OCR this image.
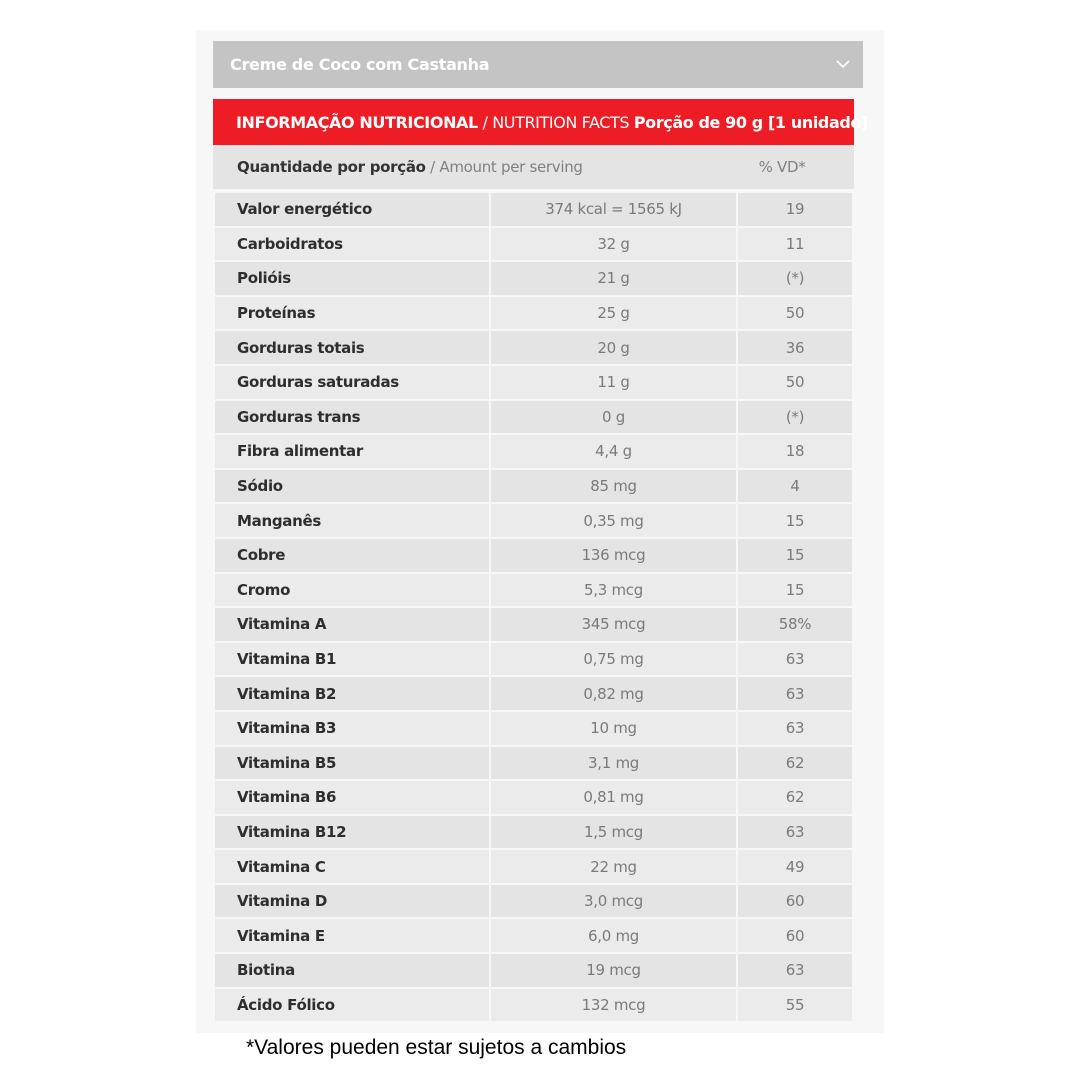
Creme de Coco com Castanha
INFORMAÇÃO NUTRICIONAL / NUTRITION FACTS Porção de 90 g [1 unidade]
Quantidade por porção / Amount per serving	% VD*
Valor energético	374 kcal = 1565 kJ	19
Carboidratos	32 g	11
Polióis	21 g	(*)
Proteínas	25 g	50
Gorduras totais	20 g	36
Gorduras saturadas	11 g	50
Gorduras trans	0 g	(*)
Fibra alimentar	4,4 g	18
Sódio	85 mg	4
Manganês	0,35 mg	15
Cobre	136 mcg	15
Cromo	5,3 mcg	15
Vitamina A	345 mcg	58%
Vitamina B1	0,75 mg	63
Vitamina B2	0,82 mg	63
Vitamina B3	10 mg	63
Vitamina B5	3,1 mg	62
Vitamina B6	0,81 mg	62
Vitamina B12	1,5 mcg	63
Vitamina C	22 mg	49
Vitamina D	3,0 mcg	60
Vitamina E	6,0 mg	60
Biotina	19 mcg	63
Ácido Fólico	132 mcg	55
*Valores pueden estar sujetos a cambios
